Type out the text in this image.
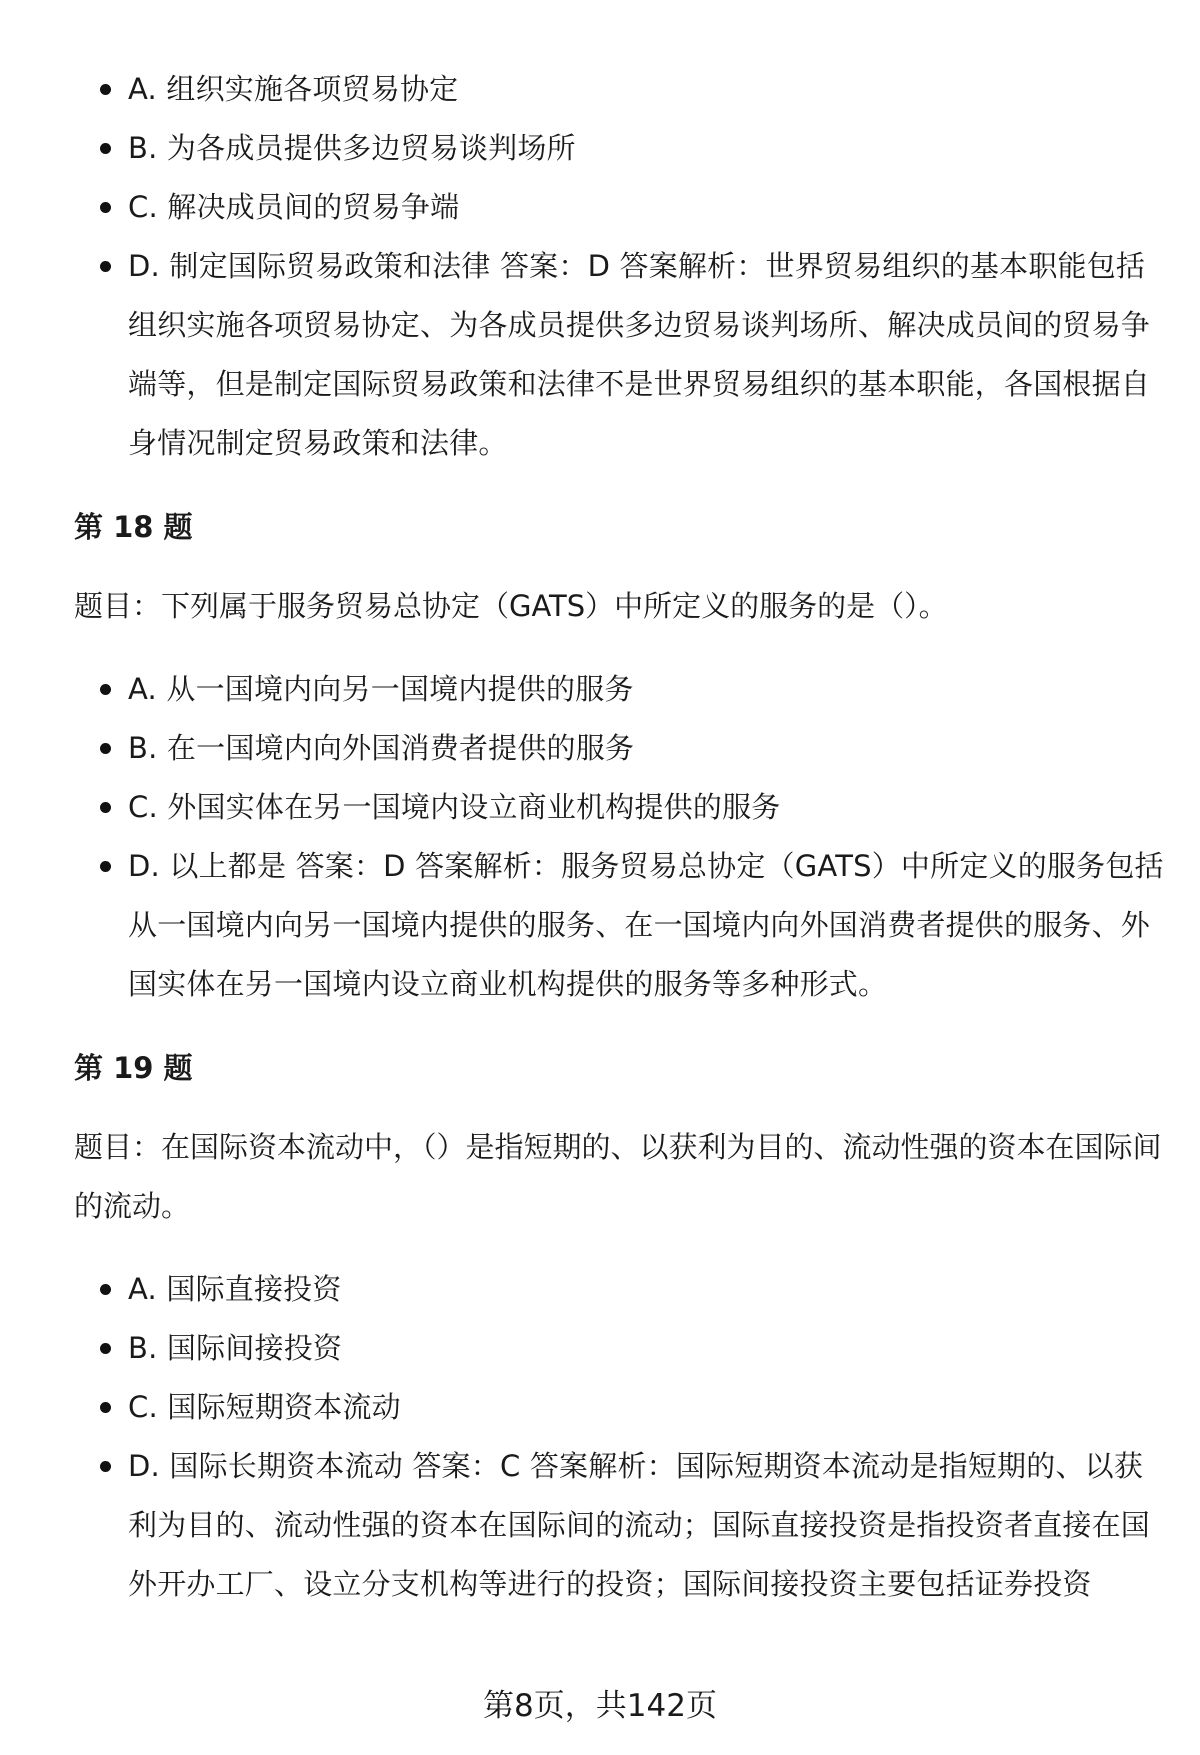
A. 组织实施各项贸易协定
B. 为各成员提供多边贸易谈判场所
C. 解决成员间的贸易争端
D. 制定国际贸易政策和法律 答案：D 答案解析：世界贸易组织的基本职能包括组织实施各项贸易协定、为各成员提供多边贸易谈判场所、解决成员间的贸易争端等，但是制定国际贸易政策和法律不是世界贸易组织的基本职能，各国根据自身情况制定贸易政策和法律。
第 18 题

题目：下列属于服务贸易总协定（GATS）中所定义的服务的是（）。

A. 从一国境内向另一国境内提供的服务
B. 在一国境内向外国消费者提供的服务
C. 外国实体在另一国境内设立商业机构提供的服务
D. 以上都是 答案：D 答案解析：服务贸易总协定（GATS）中所定义的服务包括从一国境内向另一国境内提供的服务、在一国境内向外国消费者提供的服务、外国实体在另一国境内设立商业机构提供的服务等多种形式。
第 19 题

题目：在国际资本流动中，（）是指短期的、以获利为目的、流动性强的资本在国际间的流动。

A. 国际直接投资
B. 国际间接投资
C. 国际短期资本流动
D. 国际长期资本流动 答案：C 答案解析：国际短期资本流动是指短期的、以获利为目的、流动性强的资本在国际间的流动；国际直接投资是指投资者直接在国外开办工厂、设立分支机构等进行的投资；国际间接投资主要包括证券投资
第8页，共142页
